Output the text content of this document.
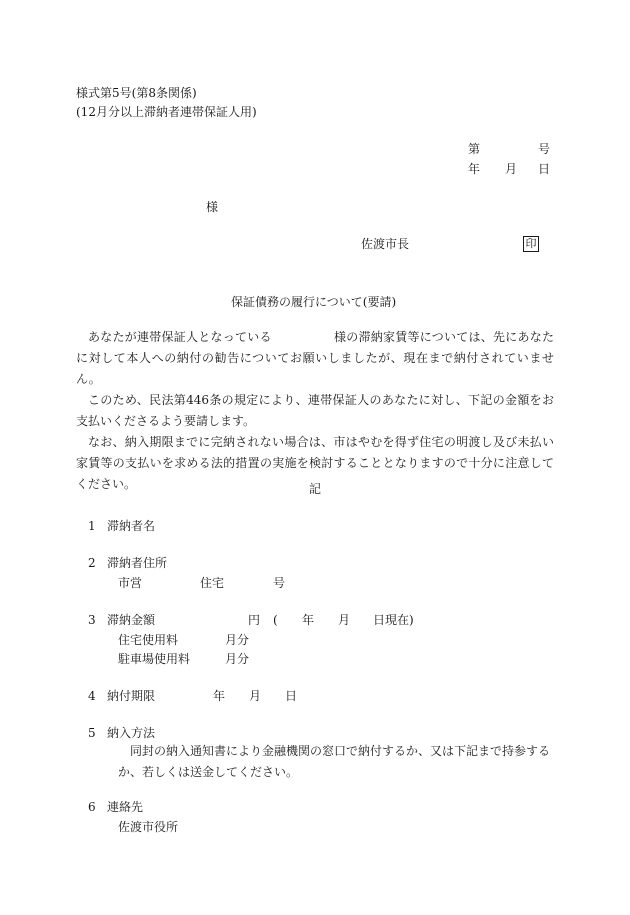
様式第5号(第8条関係)
(12月分以上滞納者連帯保証人用)
第	号
年 月 日
様
佐渡市長	印
保証債務の履行について(要請)

あなたが連帯保証人となっている	様の滞納家賃等については、先にあなたに対して本人への納付の勧告についてお願いしましたが、現在まで納付されていません。

このため、民法第446条の規定により、連帯保証人のあなたに対し、下記の金額をお支払いくださるよう要請します。

なお、納入期限までに完納されない場合は、市はやむを得ず住宅の明渡し及び未払い家賃等の支払いを求める法的措置の実施を検討することとなりますので十分に注意してください。	記
1 滞納者名
2 滞納者住所
市営	住宅	号
3 滞納金額	円 ( 年 月 日現在)
住宅使用料	月分
駐車場使用料	月分
4 納付期限	年 月 日
5 納入方法
同封の納入通知書により金融機関の窓口で納付するか、又は下記まで持参するか、若しくは送金してください。
6 連絡先
佐渡市役所
